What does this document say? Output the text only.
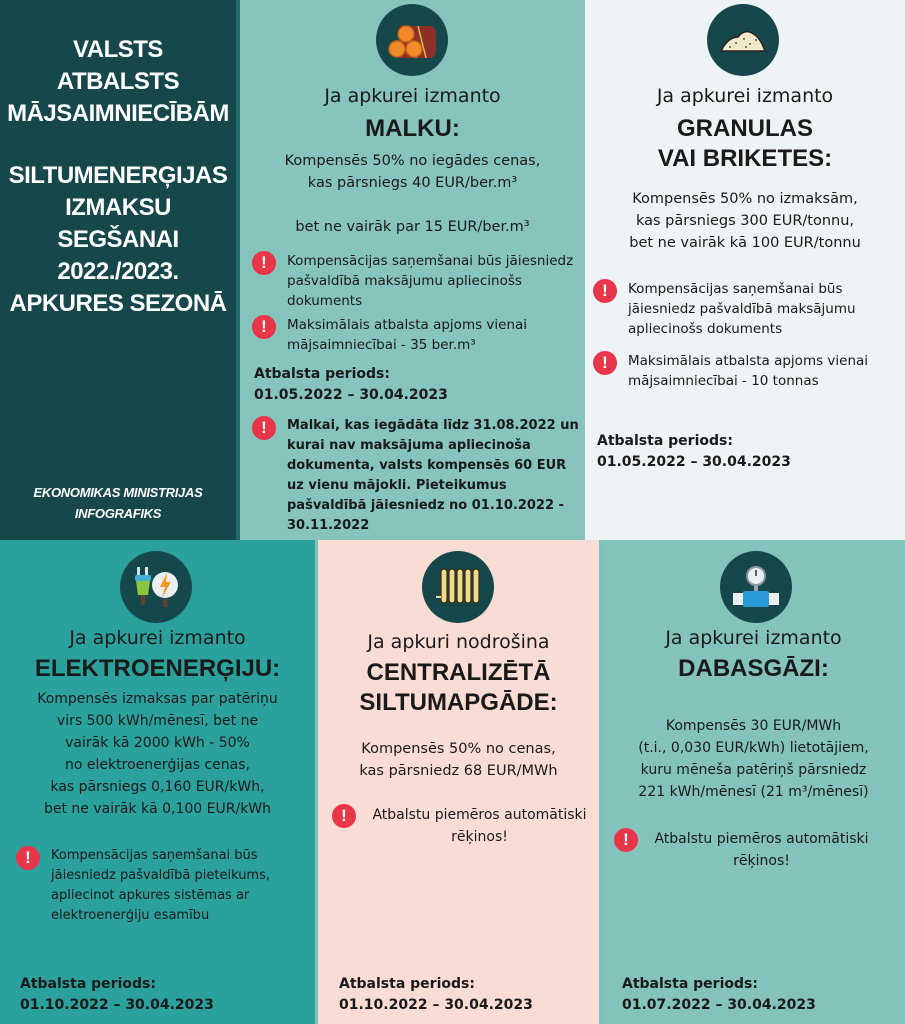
VALSTS
ATBALSTS
MĀJSAIMNIECĪBĀM
SILTUMENERĢIJAS
IZMAKSU
SEGŠANAI
2022./2023.
APKURES SEZONĀ
EKONOMIKAS MINISTRIJAS
INFOGRAFIKS
Ja apkurei izmanto
MALKU:
Kompensēs 50% no iegādes cenas,
kas pārsniegs 40 EUR/ber.m³
bet ne vairāk par 15 EUR/ber.m³
!	Kompensācijas saņemšanai būs jāiesniedz pašvaldībā maksājumu apliecinošs dokuments
!	Maksimālais atbalsta apjoms vienai mājsaimniecībai - 35 ber.m³
Atbalsta periods:
01.05.2022 – 30.04.2023
!	Malkai, kas iegādāta līdz 31.08.2022 un kurai nav maksājuma apliecinoša dokumenta, valsts kompensēs 60 EUR uz vienu mājokli. Pieteikumus pašvaldībā jāiesniedz no 01.10.2022 - 30.11.2022
Ja apkurei izmanto
GRANULAS
VAI BRIKETES:
Kompensēs 50% no izmaksām,
kas pārsniegs 300 EUR/tonnu,
bet ne vairāk kā 100 EUR/tonnu
!	Kompensācijas saņemšanai būs jāiesniedz pašvaldībā maksājumu apliecinošs dokuments
!	Maksimālais atbalsta apjoms vienai mājsaimniecībai - 10 tonnas
Atbalsta periods:
01.05.2022 – 30.04.2023
Ja apkurei izmanto
ELEKTROENERĢIJU:
Kompensēs izmaksas par patēriņu
virs 500 kWh/mēnesī, bet ne
vairāk kā 2000 kWh - 50%
no elektroenerģijas cenas,
kas pārsniegs 0,160 EUR/kWh,
bet ne vairāk kā 0,100 EUR/kWh
!	Kompensācijas saņemšanai būs jāiesniedz pašvaldībā pieteikums, apliecinot apkures sistēmas ar elektroenerģiju esamību
Atbalsta periods:
01.10.2022 – 30.04.2023
Ja apkuri nodrošina
CENTRALIZĒTĀ
SILTUMAPGĀDE:
Kompensēs 50% no cenas,
kas pārsniedz 68 EUR/MWh
!	Atbalstu piemēros automātiski rēķinos!
Atbalsta periods:
01.10.2022 – 30.04.2023
Ja apkurei izmanto
DABASGĀZI:
Kompensēs 30 EUR/MWh
(t.i., 0,030 EUR/kWh) lietotājiem,
kuru mēneša patēriņš pārsniedz
221 kWh/mēnesī (21 m³/mēnesī)
!	Atbalstu piemēros automātiski rēķinos!
Atbalsta periods:
01.07.2022 – 30.04.2023
